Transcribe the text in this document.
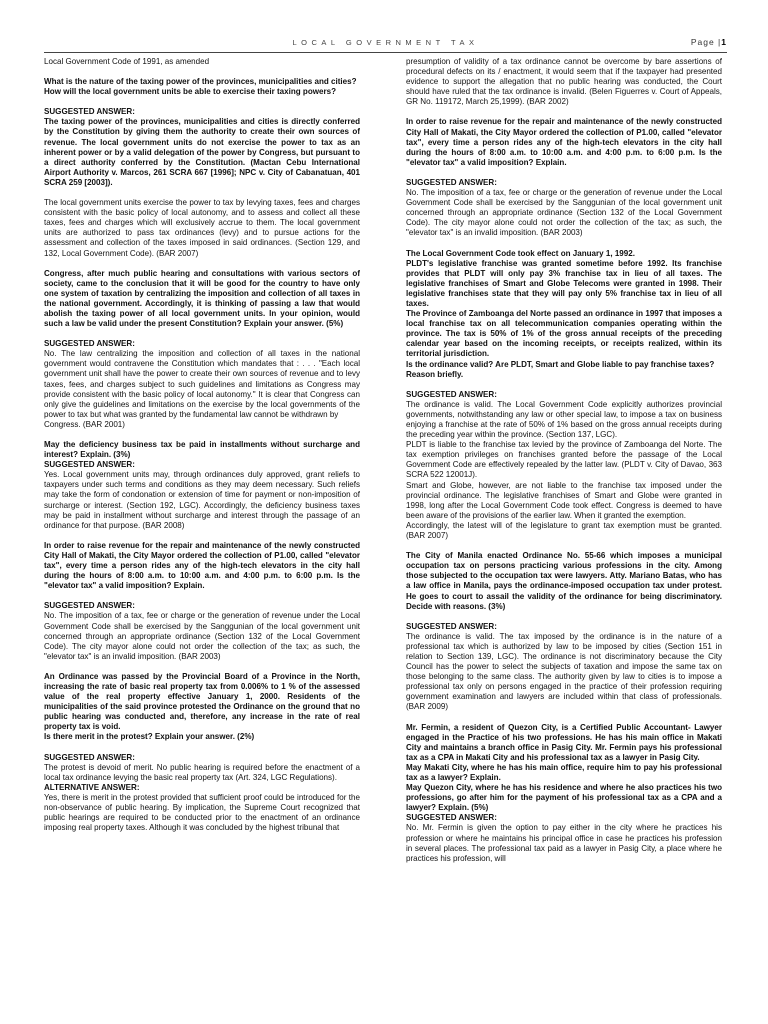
LOCAL GOVERNMENT TAX	Page |1

Local Government Code of 1991, as amended

What is the nature of the taxing power of the provinces, municipalities and cities?
How will the local government units be able to exercise their taxing powers?

SUGGESTED ANSWER:

The taxing power of the provinces, municipalities and cities is directly conferred by the Constitution by giving them the authority to create their own sources of revenue. The local government units do not exercise the power to tax as an inherent power or by a valid delegation of the power by Congress, but pursuant to a direct authority conferred by the Constitution. (Mactan Cebu International Airport Authority v. Marcos, 261 SCRA 667 [1996]; NPC v. City of Cabanatuan, 401 SCRA 259 [2003]).

The local government units exercise the power to tax by levying taxes, fees and charges consistent with the basic policy of local autonomy, and to assess and collect all these taxes, fees and charges which will exclusively accrue to them. The local government units are authorized to pass tax ordinances (levy) and to pursue actions for the assessment and collection of the taxes imposed in said ordinances. (Section 129, and 132, Local Government Code). (BAR 2007)

Congress, after much public hearing and consultations with various sectors of society, came to the conclusion that it will be good for the country to have only one system of taxation by centralizing the imposition and collection of all taxes in the national government. Accordingly, it is thinking of passing a law that would abolish the taxing power of all local government units. In your opinion, would such a law be valid under the present Constitution? Explain your answer. (5%)

SUGGESTED ANSWER:

No. The law centralizing the imposition and collection of all taxes in the national government would contravene the Constitution which mandates that : . . . "Each local government unit shall have the power to create their own sources of revenue and to levy taxes, fees, and charges subject to such guidelines and limitations as Congress may provide consistent with the basic policy of local autonomy." It is clear that Congress can only give the guidelines and limitations on the exercise by the local governments of the power to tax but what was granted by the fundamental law cannot be withdrawn by
Congress. (BAR 2001)

May the deficiency business tax be paid in installments without surcharge and interest? Explain. (3%)

SUGGESTED ANSWER:

Yes. Local government units may, through ordinances duly approved, grant reliefs to taxpayers under such terms and conditions as they may deem necessary. Such reliefs may take the form of condonation or extension of time for payment or non-imposition of surcharge or interest. (Section 192, LGC). Accordingly, the deficiency business taxes may be paid in installment without surcharge and interest through the passage of an ordinance for that purpose. (BAR 2008)

In order to raise revenue for the repair and maintenance of the newly constructed City Hall of Makati, the City Mayor ordered the collection of P1.00, called "elevator tax", every time a person rides any of the high-tech elevators in the city hall during the hours of 8:00 a.m. to 10:00 a.m. and 4:00 p.m. to 6:00 p.m. Is the "elevator tax" a valid imposition? Explain.

SUGGESTED ANSWER:

No. The imposition of a tax, fee or charge or the generation of revenue under the Local Government Code shall be exercised by the Sanggunian of the local government unit concerned through an appropriate ordinance (Section 132 of the Local Government Code). The city mayor alone could not order the collection of the tax; as such, the "elevator tax" is an invalid imposition. (BAR 2003)

An Ordinance was passed by the Provincial Board of a Province in the North, increasing the rate of basic real property tax from 0.006% to 1 % of the assessed value of the real property effective January 1, 2000. Residents of the municipalities of the said province protested the Ordinance on the ground that no public hearing was conducted and, therefore, any increase in the rate of real property tax is void.
Is there merit in the protest? Explain your answer. (2%)

SUGGESTED ANSWER:

The protest is devoid of merit. No public hearing is required before the enactment of a local tax ordinance levying the basic real property tax (Art. 324, LGC Regulations).

ALTERNATIVE ANSWER:

Yes, there is merit in the protest provided that sufficient proof could be introduced for the non-observance of public hearing. By implication, the Supreme Court recognized that public hearings are required to be conducted prior to the enactment of an ordinance imposing real property taxes. Although it was concluded by the highest tribunal that

presumption of validity of a tax ordinance cannot be overcome by bare assertions of procedural defects on its / enactment, it would seem that if the taxpayer had presented evidence to support the allegation that no public hearing was conducted, the Court should have ruled that the tax ordinance is invalid. (Belen Figuerres v. Court of Appeals, GR No. 119172, March 25,1999). (BAR 2002)

In order to raise revenue for the repair and maintenance of the newly constructed City Hall of Makati, the City Mayor ordered the collection of P1.00, called "elevator tax", every time a person rides any of the high-tech elevators in the city hall during the hours of 8:00 a.m. to 10:00 a.m. and 4:00 p.m. to 6:00 p.m. Is the "elevator tax" a valid imposition? Explain.

SUGGESTED ANSWER:

No. The imposition of a tax, fee or charge or the generation of revenue under the Local Government Code shall be exercised by the Sanggunian of the local government unit concerned through an appropriate ordinance (Section 132 of the Local Government Code). The city mayor alone could not order the collection of the tax; as such, the "elevator tax" is an invalid imposition. (BAR 2003)

The Local Government Code took effect on January 1, 1992.
PLDT's legislative franchise was granted sometime before 1992. Its franchise provides that PLDT will only pay 3% franchise tax in lieu of all taxes. The legislative franchises of Smart and Globe Telecoms were granted in 1998. Their legislative franchises state that they will pay only 5% franchise tax in lieu of all taxes.
The Province of Zamboanga del Norte passed an ordinance in 1997 that imposes a local franchise tax on all telecommunication companies operating within the province. The tax is 50% of 1% of the gross annual receipts of the preceding calendar year based on the incoming receipts, or receipts realized, within its territorial jurisdiction.
Is the ordinance valid? Are PLDT, Smart and Globe liable to pay franchise taxes?
Reason briefly.

SUGGESTED ANSWER:

The ordinance is valid. The Local Government Code explicitly authorizes provincial governments, notwithstanding any law or other special law, to impose a tax on business enjoying a franchise at the rate of 50% of 1% based on the gross annual receipts during the preceding year within the province. (Section 137, LGC).
PLDT is liable to the franchise tax levied by the province of Zamboanga del Norte. The tax exemption privileges on franchises granted before the passage of the Local Government Code are effectively repealed by the latter law. (PLDT v. City of Davao, 363 SCRA 522 12001J).
Smart and Globe, however, are not liable to the franchise tax imposed under the provincial ordinance. The legislative franchises of Smart and Globe were granted in 1998, long after the Local Government Code took effect. Congress is deemed to have been aware of the provisions of the earlier law. When it granted the exemption.
Accordingly, the latest will of the legislature to grant tax exemption must be granted. (BAR 2007)

The City of Manila enacted Ordinance No. 55-66 which imposes a municipal occupation tax on persons practicing various professions in the city. Among those subjected to the occupation tax were lawyers. Atty. Mariano Batas, who has a law office in Manila, pays the ordinance-imposed occupation tax under protest. He goes to court to assail the validity of the ordinance for being discriminatory. Decide with reasons. (3%)

SUGGESTED ANSWER:

The ordinance is valid. The tax imposed by the ordinance is in the nature of a professional tax which is authorized by law to be imposed by cities (Section 151 in relation to Section 139, LGC). The ordinance is not discriminatory because the City Council has the power to select the subjects of taxation and impose the same tax on those belonging to the same class. The authority given by law to cities is to impose a professional tax only on persons engaged in the practice of their profession requiring government examination and lawyers are included within that class of professionals. (BAR 2009)

Mr. Fermin, a resident of Quezon City, is a Certified Public Accountant- Lawyer engaged in the Practice of his two professions. He has his main office in Makati City and maintains a branch office in Pasig City. Mr. Fermin pays his professional tax as a CPA in Makati City and his professional tax as a lawyer in Pasig City.
May Makati City, where he has his main office, require him to pay his professional tax as a lawyer? Explain.
May Quezon City, where he has his residence and where he also practices his two professions, go after him for the payment of his professional tax as a CPA and a lawyer? Explain. (5%)

SUGGESTED ANSWER:

No. Mr. Fermin is given the option to pay either in the city where he practices his profession or where he maintains his principal office in case he practices his profession in several places. The professional tax paid as a lawyer in Pasig City, a place where he practices his profession, will
